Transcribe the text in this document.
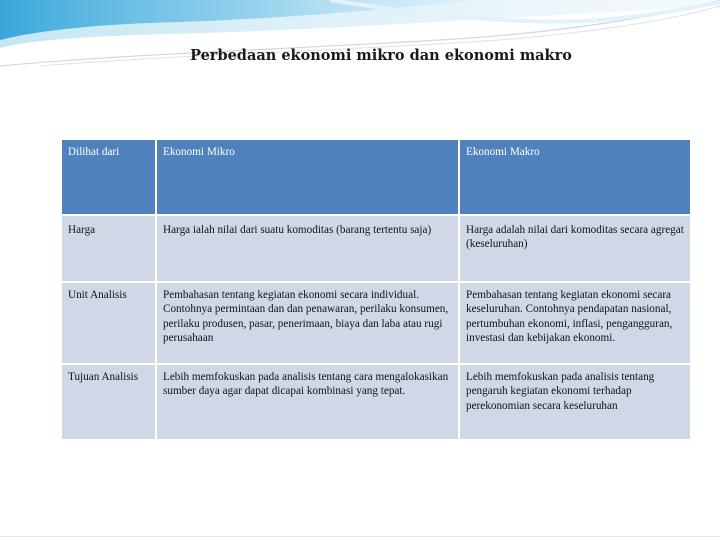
Perbedaan ekonomi mikro dan ekonomi makro
Dilihat dari	Ekonomi Mikro	Ekonomi Makro
Harga	Harga ialah nilai dari suatu komoditas (barang tertentu saja)	Harga adalah nilai dari komoditas secara agregat (keseluruhan)
Unit Analisis	Pembahasan tentang kegiatan ekonomi secara individual. Contohnya permintaan dan dan penawaran, perilaku konsumen, perilaku produsen, pasar, penerimaan, biaya dan laba atau rugi perusahaan	Pembahasan tentang kegiatan ekonomi secara keseluruhan. Contohnya pendapatan nasional, pertumbuhan ekonomi, inflasi, pengangguran, investasi dan kebijakan ekonomi.
Tujuan Analisis	Lebih memfokuskan pada analisis tentang cara mengalokasikan sumber daya agar dapat dicapai kombinasi yang tepat.	Lebih memfokuskan pada analisis tentang pengaruh kegiatan ekonomi terhadap perekonomian secara keseluruhan
